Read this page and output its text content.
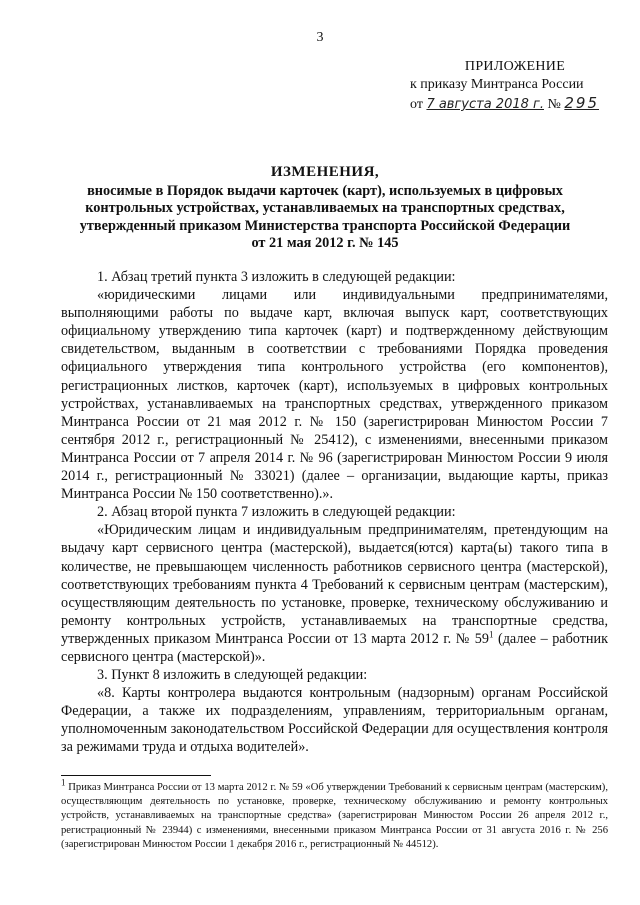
3
ПРИЛОЖЕНИЕ
к приказу Минтранса России
от 7 августа 2018 г. № 295
ИЗМЕНЕНИЯ,
вносимые в Порядок выдачи карточек (карт), используемых в цифровых
контрольных устройствах, устанавливаемых на транспортных средствах,
утвержденный приказом Министерства транспорта Российской Федерации
от 21 мая 2012 г. № 145

1. Абзац третий пункта 3 изложить в следующей редакции:

«юридическими лицами или индивидуальными предпринимателями, выполняющими работы по выдаче карт, включая выпуск карт, соответствующих официальному утверждению типа карточек (карт) и подтвержденному действующим свидетельством, выданным в соответствии с требованиями Порядка проведения официального утверждения типа контрольного устройства (его компонентов), регистрационных листков, карточек (карт), используемых в цифровых контрольных устройствах, устанавливаемых на транспортных средствах, утвержденного приказом Минтранса России от 21 мая 2012 г. № 150 (зарегистрирован Минюстом России 7 сентября 2012 г., регистрационный № 25412), с изменениями, внесенными приказом Минтранса России от 7 апреля 2014 г. № 96 (зарегистрирован Минюстом России 9 июля 2014 г., регистрационный № 33021) (далее – организации, выдающие карты, приказ Минтранса России № 150 соответственно).».

2. Абзац второй пункта 7 изложить в следующей редакции:

«Юридическим лицам и индивидуальным предпринимателям, претендующим на выдачу карт сервисного центра (мастерской), выдается(ются) карта(ы) такого типа в количестве, не превышающем численность работников сервисного центра (мастерской), соответствующих требованиям пункта 4 Требований к сервисным центрам (мастерским), осуществляющим деятельность по установке, проверке, техническому обслуживанию и ремонту контрольных устройств, устанавливаемых на транспортные средства, утвержденных приказом Минтранса России от 13 марта 2012 г. № $59^1$ (далее – работник сервисного центра (мастерской)».

3. Пункт 8 изложить в следующей редакции:

«8. Карты контролера выдаются контрольным (надзорным) органам Российской Федерации, а также их подразделениям, управлениям, территориальным органам, уполномоченным законодательством Российской Федерации для осуществления контроля за режимами труда и отдыха водителей».

$^1$ Приказ Минтранса России от 13 марта 2012 г. № 59 «Об утверждении Требований к сервисным центрам (мастерским), осуществляющим деятельность по установке, проверке, техническому обслуживанию и ремонту контрольных устройств, устанавливаемых на транспортные средства» (зарегистрирован Минюстом России 26 апреля 2012 г., регистрационный № 23944) с изменениями, внесенными приказом Минтранса России от 31 августа 2016 г. № 256 (зарегистрирован Минюстом России 1 декабря 2016 г., регистрационный № 44512).
